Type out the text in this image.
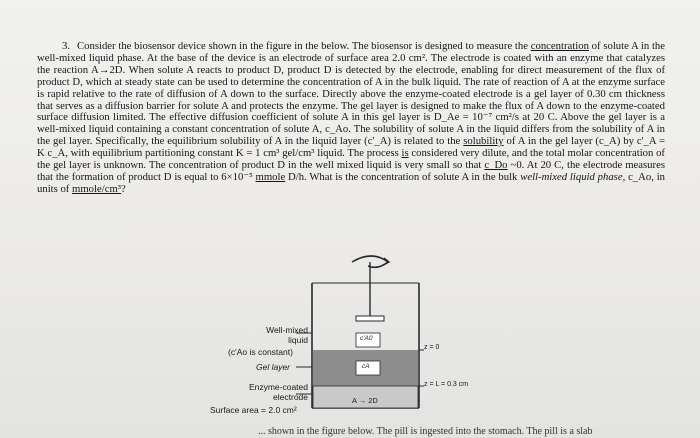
3. Consider the biosensor device shown in the figure in the below. The biosensor is designed to measure the concentration of solute A in the well-mixed liquid phase. At the base of the device is an electrode of surface area 2.0 cm². The electrode is coated with an enzyme that catalyzes the reaction A→2D. When solute A reacts to product D, product D is detected by the electrode, enabling for direct measurement of the flux of product D, which at steady state can be used to determine the concentration of A in the bulk liquid. The rate of reaction of A at the enzyme surface is rapid relative to the rate of diffusion of A down to the surface. Directly above the enzyme-coated electrode is a gel layer of 0.30 cm thickness that serves as a diffusion barrier for solute A and protects the enzyme. The gel layer is designed to make the flux of A down to the enzyme-coated surface diffusion limited. The effective diffusion coefficient of solute A in this gel layer is D_Ae = 10⁻⁷ cm²/s at 20 C. Above the gel layer is a well-mixed liquid containing a constant concentration of solute A, c_Ao. The solubility of solute A in the liquid differs from the solubility of A in the gel layer. Specifically, the equilibrium solubility of A in the liquid layer (c'_A) is related to the solubility of A in the gel layer (c_A) by c'_A = K c_A, with equilibrium partitioning constant K = 1 cm³ gel/cm³ liquid. The process is considered very dilute, and the total molar concentration of the gel layer is unknown. The concentration of product D in the well mixed liquid is very small so that c_Do ~0. At 20 C, the electrode measures that the formation of product D is equal to 6×10⁻⁵ mmole D/h. What is the concentration of solute A in the bulk well-mixed liquid phase, c_Ao, in units of mmole/cm³?

Well-mixed
liquid
(c'Ao is constant)
Gel layer
Enzyme-coated
electrode
Surface area = 2.0 cm²
c'A0
cA
z = 0
z = L = 0.3 cm
A → 2D
... shown in the figure below. The pill is ingested into the stomach. The pill is a slab
